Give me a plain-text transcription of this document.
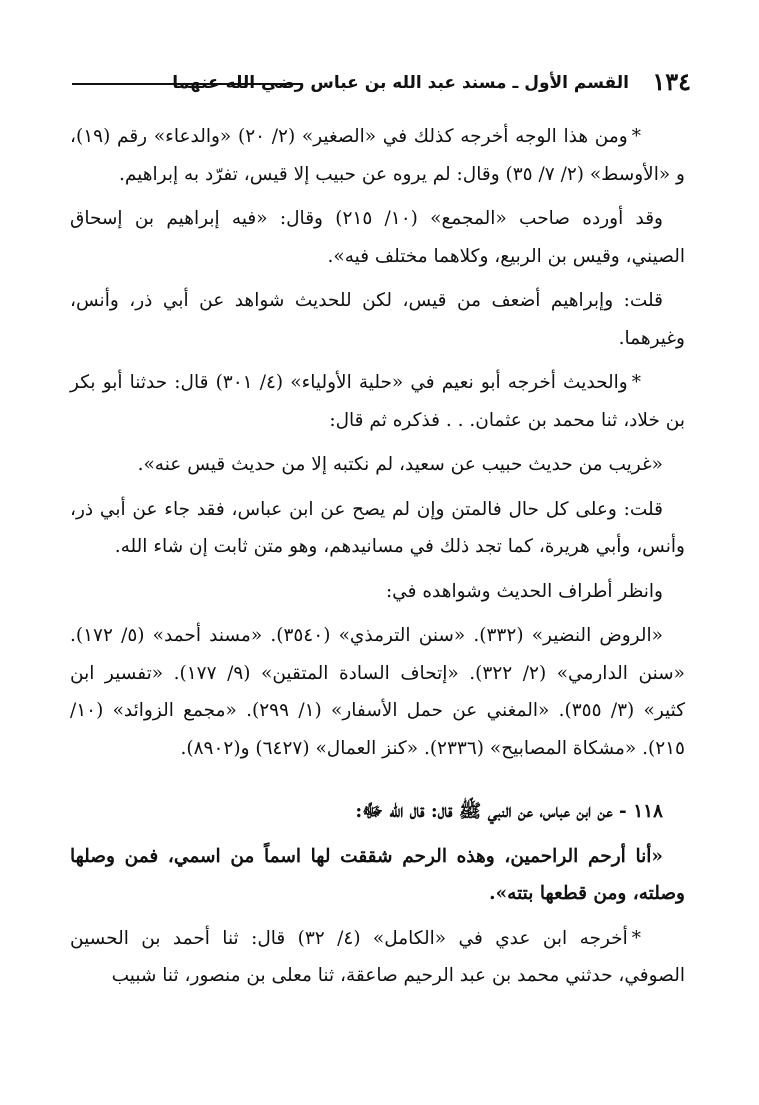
١٣٤
القسم الأول ـ مسند عبد الله بن عباس رضي الله عنهما

*ومن هذا الوجه أخرجه كذلك في «الصغير» (٢/ ٢٠) «والدعاء» رقم (١٩)، و «الأوسط» (٢/ ٧/ ٣٥) وقال: لم يروه عن حبيب إلا قيس، تفرّد به إبراهيم.

وقد أورده صاحب «المجمع» (١٠/ ٢١٥) وقال: «فيه إبراهيم بن إسحاق الصيني، وقيس بن الربيع، وكلاهما مختلف فيه».

قلت: وإبراهيم أضعف من قيس، لكن للحديث شواهد عن أبي ذر، وأنس، وغيرهما.

*والحديث أخرجه أبو نعيم في «حلية الأولياء» (٤/ ٣٠١) قال: حدثنا أبو بكر بن خلاد، ثنا محمد بن عثمان. . . فذكره ثم قال:

«غريب من حديث حبيب عن سعيد، لم نكتبه إلا من حديث قيس عنه».

قلت: وعلى كل حال فالمتن وإن لم يصح عن ابن عباس، فقد جاء عن أبي ذر، وأنس، وأبي هريرة، كما تجد ذلك في مسانيدهم، وهو متن ثابت إن شاء الله.

وانظر أطراف الحديث وشواهده في:

«الروض النضير» (٣٣٢). «سنن الترمذي» (٣٥٤٠). «مسند أحمد» (٥/ ١٧٢). «سنن الدارمي» (٢/ ٣٢٢). «إتحاف السادة المتقين» (٩/ ١٧٧). «تفسير ابن كثير» (٣/ ٣٥٥). «المغني عن حمل الأسفار» (١/ ٢٩٩). «مجمع الزوائد» (١٠/ ٢١٥). «مشكاة المصابيح» (٢٣٣٦). «كنز العمال» (٦٤٢٧) و(٨٩٠٢).

١١٨ - عن ابن عباس، عن النبي ﷺ قال: قال الله ﷻ:

«أنا أرحم الراحمين، وهذه الرحم شققت لها اسماً من اسمي، فمن وصلها وصلته، ومن قطعها بتته».

*أخرجه ابن عدي في «الكامل» (٤/ ٣٢) قال: ثنا أحمد بن الحسين الصوفي، حدثني محمد بن عبد الرحيم صاعقة، ثنا معلى بن منصور، ثنا شبيب
